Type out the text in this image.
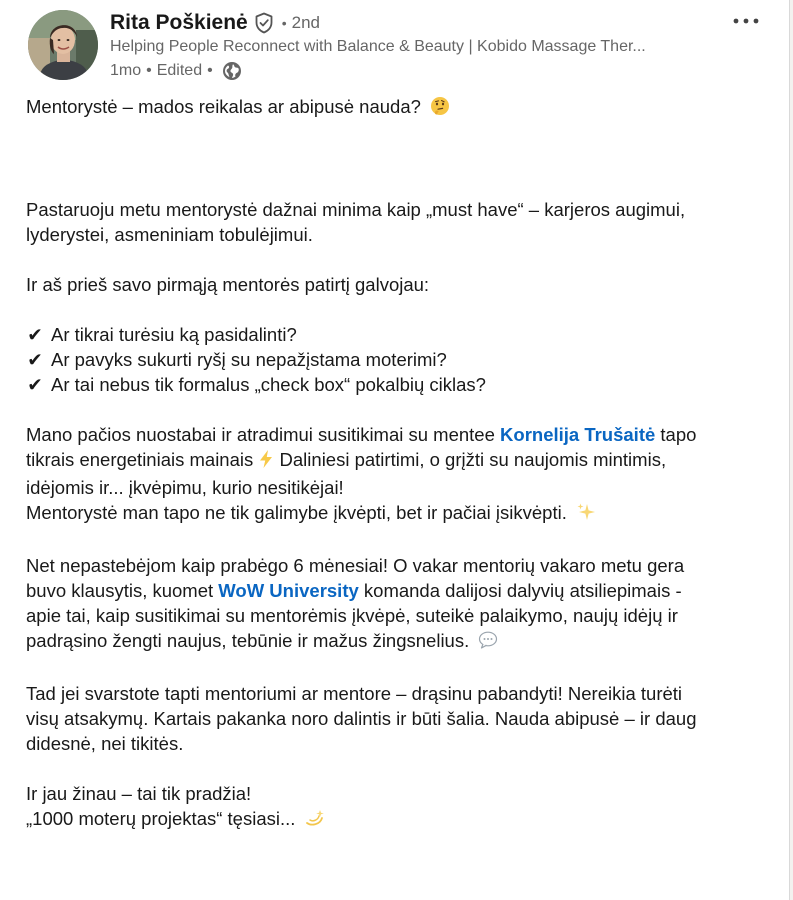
Rita Poškienė • 2nd
Helping People Reconnect with Balance & Beauty | Kobido Massage Ther...
1mo • Edited •

Mentorystė – mados reikalas ar abipusė nauda?

Pastaruoju metu mentorystė dažnai minima kaip „must have“ – karjeros augimui,

lyderystei, asmeniniam tobulėjimui.

Ir aš prieš savo pirmąją mentorės patirtį galvojau:

✔ Ar tikrai turėsiu ką pasidalinti?

✔ Ar pavyks sukurti ryšį su nepažįstama moterimi?

✔ Ar tai nebus tik formalus „check box“ pokalbių ciklas?

Mano pačios nuostabai ir atradimui susitikimai su mentee Kornelija Trušaitė tapo

tikrais energetiniais mainais  Daliniesi patirtimi, o grįžti su naujomis mintimis,

idėjomis ir... įkvėpimu, kurio nesitikėjai!

Mentorystė man tapo ne tik galimybe įkvėpti, bet ir pačiai įsikvėpti.

Net nepastebėjom kaip prabėgo 6 mėnesiai! O vakar mentorių vakaro metu gera

buvo klausytis, kuomet WoW University komanda dalijosi dalyvių atsiliepimais -

apie tai, kaip susitikimai su mentorėmis įkvėpė, suteikė palaikymo, naujų idėjų ir

padrąsino žengti naujus, tebūnie ir mažus žingsnelius.

Tad jei svarstote tapti mentoriumi ar mentore – drąsinu pabandyti! Nereikia turėti

visų atsakymų. Kartais pakanka noro dalintis ir būti šalia. Nauda abipusė – ir daug

didesnė, nei tikitės.

Ir jau žinau – tai tik pradžia!

„1000 moterų projektas“ tęsiasi...
